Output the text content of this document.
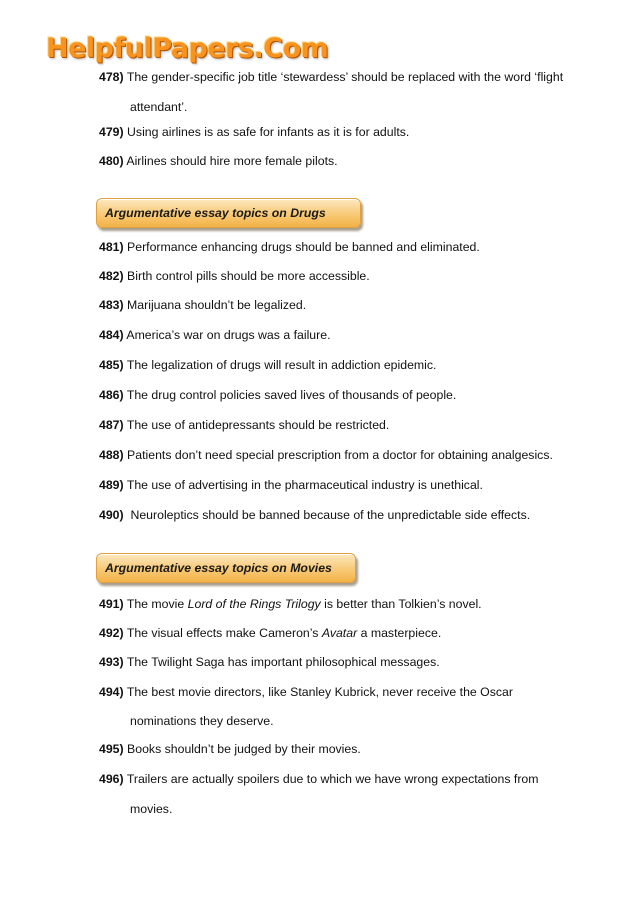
HelpfulPapers.Com
478) The gender-specific job title ‘stewardess’ should be replaced with the word ‘flight
attendant’.
479) Using airlines is as safe for infants as it is for adults.
480) Airlines should hire more female pilots.
Argumentative essay topics on Drugs
481) Performance enhancing drugs should be banned and eliminated.
482) Birth control pills should be more accessible.
483) Marijuana shouldn’t be legalized.
484) America’s war on drugs was a failure.
485) The legalization of drugs will result in addiction epidemic.
486) The drug control policies saved lives of thousands of people.
487) The use of antidepressants should be restricted.
488) Patients don’t need special prescription from a doctor for obtaining analgesics.
489) The use of advertising in the pharmaceutical industry is unethical.
490)  Neuroleptics should be banned because of the unpredictable side effects.
Argumentative essay topics on Movies
491) The movie Lord of the Rings Trilogy is better than Tolkien’s novel.
492) The visual effects make Cameron’s Avatar a masterpiece.
493) The Twilight Saga has important philosophical messages.
494) The best movie directors, like Stanley Kubrick, never receive the Oscar
nominations they deserve.
495) Books shouldn’t be judged by their movies.
496) Trailers are actually spoilers due to which we have wrong expectations from
movies.
